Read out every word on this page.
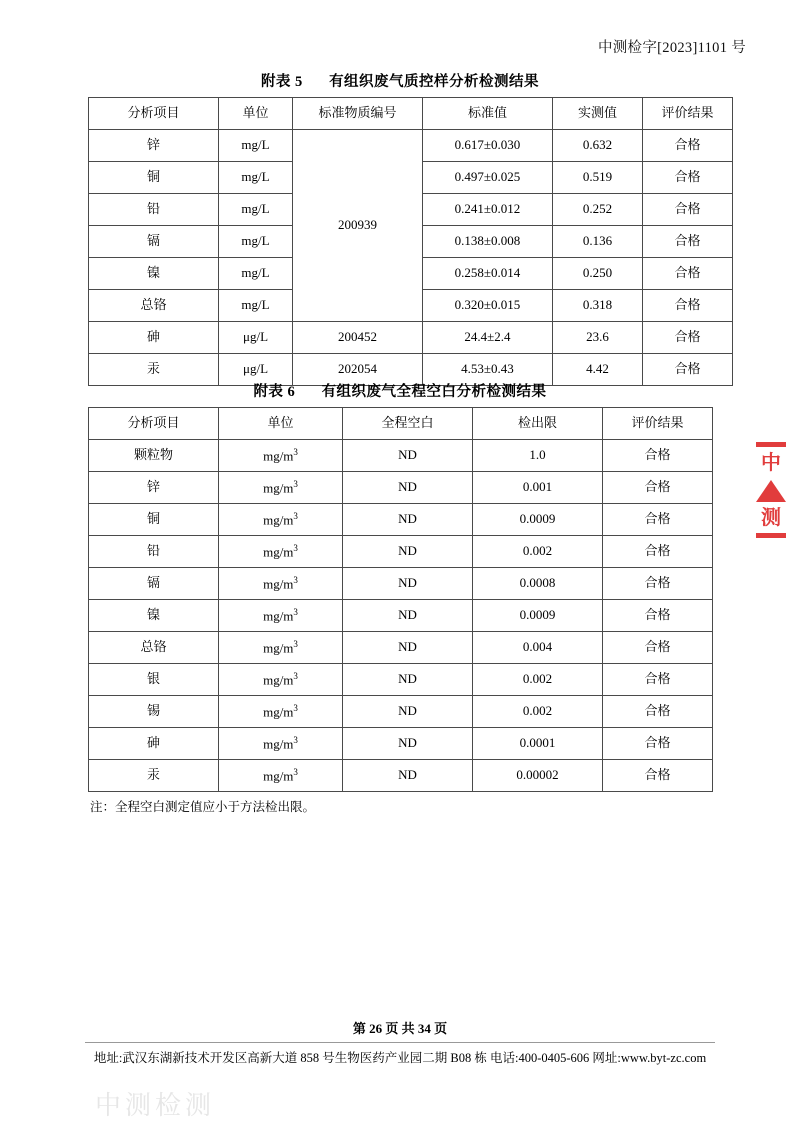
中测检字[2023]1101 号
附表 5 有组织废气质控样分析检测结果
分析项目	单位	标准物质编号	标准值	实测值	评价结果
锌	mg/L	200939	0.617±0.030	0.632	合格
铜	mg/L		0.497±0.025	0.519	合格
铅	mg/L		0.241±0.012	0.252	合格
镉	mg/L		0.138±0.008	0.136	合格
镍	mg/L		0.258±0.014	0.250	合格
总铬	mg/L		0.320±0.015	0.318	合格
砷	μg/L	200452	24.4±2.4	23.6	合格
汞	μg/L	202054	4.53±0.43	4.42	合格
附表 6 有组织废气全程空白分析检测结果
分析项目	单位	全程空白	检出限	评价结果
颗粒物	$mg/m^3$	ND	1.0	合格
锌	$mg/m^3$	ND	0.001	合格
铜	$mg/m^3$	ND	0.0009	合格
铅	$mg/m^3$	ND	0.002	合格
镉	$mg/m^3$	ND	0.0008	合格
镍	$mg/m^3$	ND	0.0009	合格
总铬	$mg/m^3$	ND	0.004	合格
银	$mg/m^3$	ND	0.002	合格
锡	$mg/m^3$	ND	0.002	合格
砷	$mg/m^3$	ND	0.0001	合格
汞	$mg/m^3$	ND	0.00002	合格
注：全程空白测定值应小于方法检出限。
中
测
第 26 页 共 34 页
地址:武汉东湖新技术开发区高新大道 858 号生物医药产业园二期 B08 栋 电话:400-0405-606 网址:www.byt-zc.com
中测检测
